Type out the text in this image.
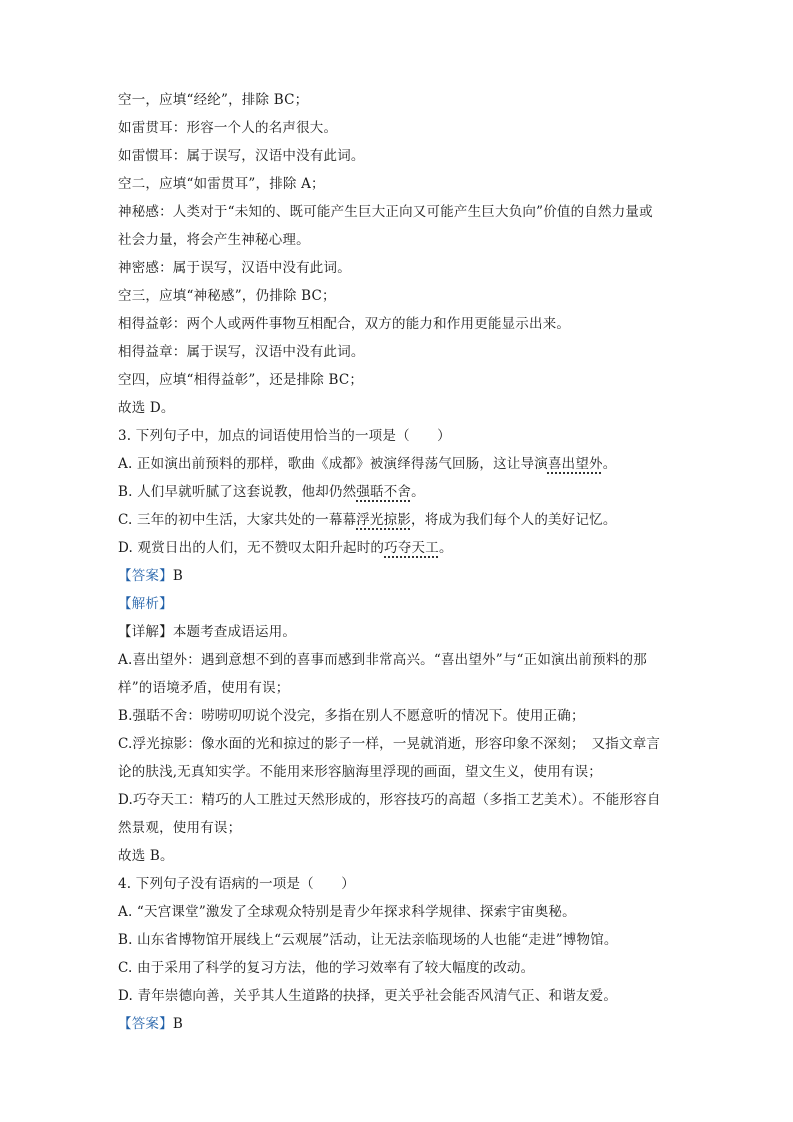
空一，应填“经纶”，排除 BC；
如雷贯耳：形容一个人的名声很大。
如雷惯耳：属于误写，汉语中没有此词。
空二，应填“如雷贯耳”，排除 A；
神秘感：人类对于“未知的、既可能产生巨大正向又可能产生巨大负向”价值的自然力量或
社会力量，将会产生神秘心理。
神密感：属于误写，汉语中没有此词。
空三，应填“神秘感”，仍排除 BC；
相得益彰：两个人或两件事物互相配合，双方的能力和作用更能显示出来。
相得益章：属于误写，汉语中没有此词。
空四，应填“相得益彰”，还是排除 BC；
故选 D。
3. 下列句子中，加点的词语使用恰当的一项是（　　）
A. 正如演出前预料的那样，歌曲《成都》被演绎得荡气回肠，这让导演喜出望外。
B. 人们早就听腻了这套说教，他却仍然强聒不舍。
C. 三年的初中生活，大家共处的一幕幕浮光掠影，将成为我们每个人的美好记忆。
D. 观赏日出的人们，无不赞叹太阳升起时的巧夺天工。
【答案】B
【解析】
【详解】本题考查成语运用。
A.喜出望外：遇到意想不到的喜事而感到非常高兴。“喜出望外”与“正如演出前预料的那
样”的语境矛盾，使用有误；
B.强聒不舍：唠唠叨叨说个没完，多指在别人不愿意听的情况下。使用正确；
C.浮光掠影：像水面的光和掠过的影子一样，一晃就消逝，形容印象不深刻；　又指文章言
论的肤浅,无真知实学。不能用来形容脑海里浮现的画面，望文生义，使用有误；
D.巧夺天工：精巧的人工胜过天然形成的，形容技巧的高超（多指工艺美术）。不能形容自
然景观，使用有误；
故选 B。
4. 下列句子没有语病的一项是（　　）
A. “天宫课堂”激发了全球观众特别是青少年探求科学规律、探索宇宙奥秘。
B. 山东省博物馆开展线上“云观展”活动，让无法亲临现场的人也能“走进”博物馆。
C. 由于采用了科学的复习方法，他的学习效率有了较大幅度的改动。
D. 青年崇德向善，关乎其人生道路的抉择，更关乎社会能否风清气正、和谐友爱。
【答案】B
